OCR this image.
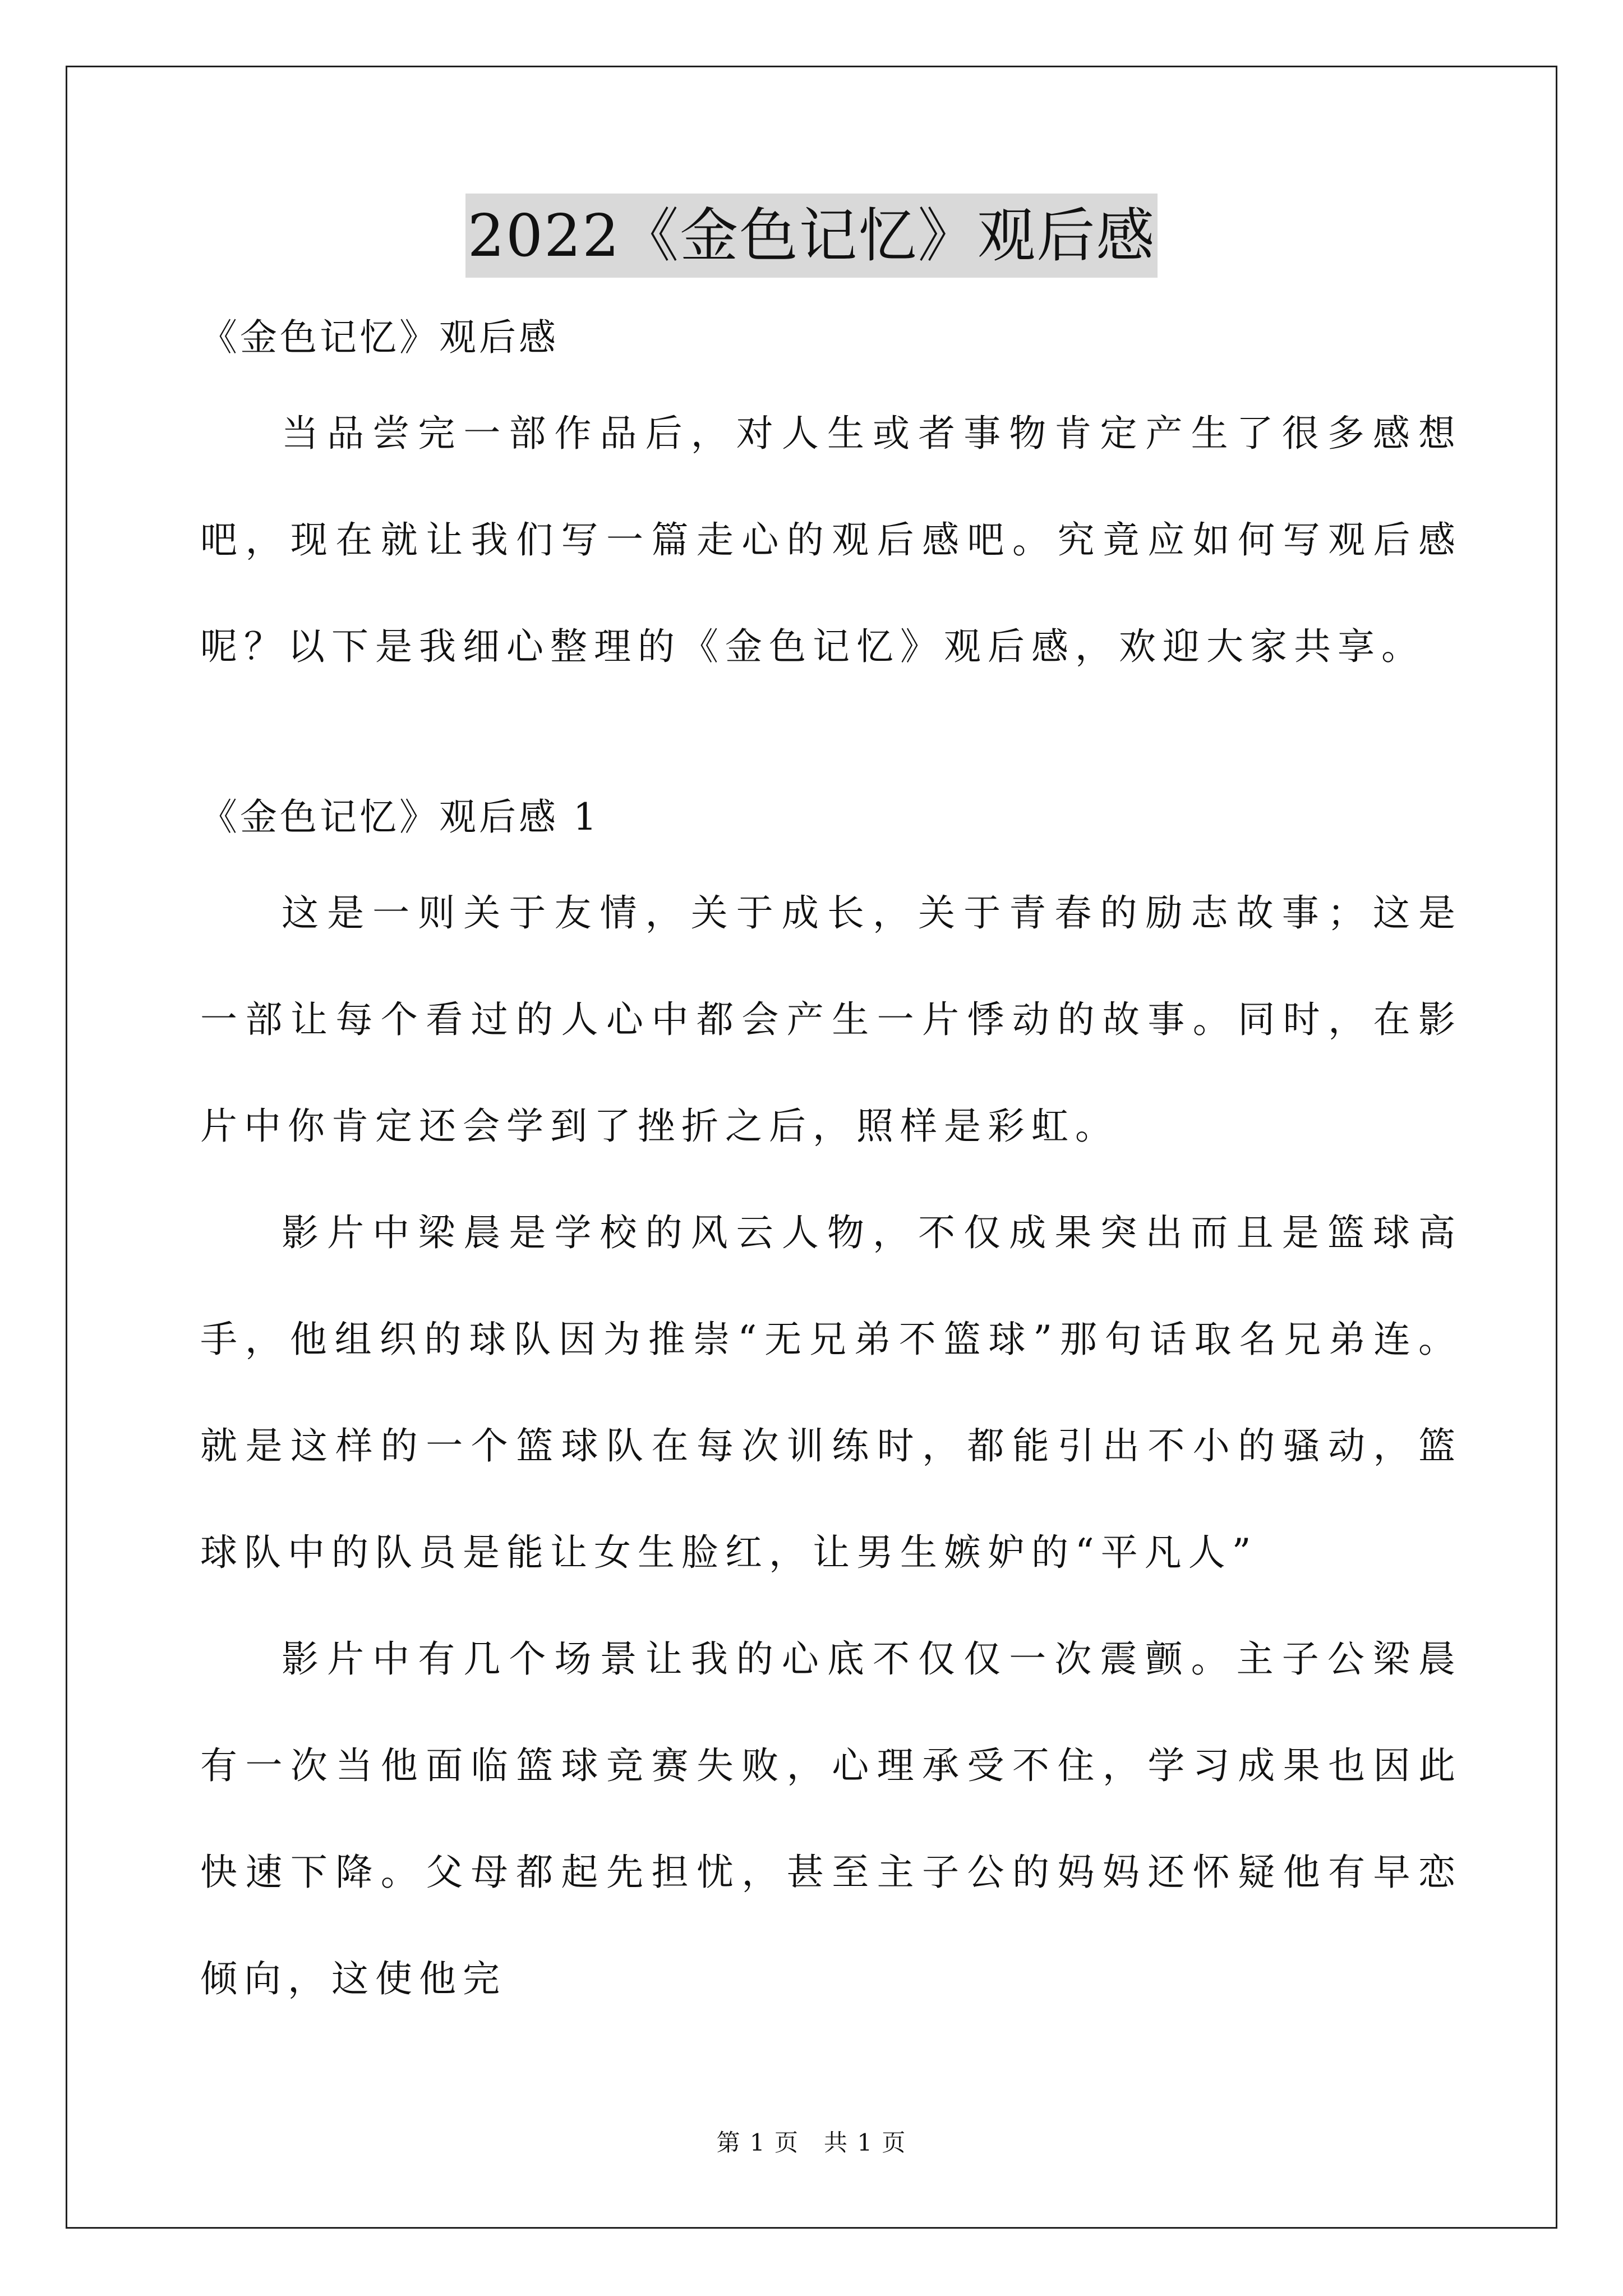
2022《金色记忆》观后感

《金色记忆》观后感

当品尝完一部作品后，对人生或者事物肯定产生了很多感想吧，现在就让我们写一篇走心的观后感吧。究竟应如何写观后感呢？以下是我细心整理的《金色记忆》观后感，欢迎大家共享。

《金色记忆》观后感 1

这是一则关于友情，关于成长，关于青春的励志故事；这是一部让每个看过的人心中都会产生一片悸动的故事。同时，在影片中你肯定还会学到了挫折之后，照样是彩虹。

影片中梁晨是学校的风云人物，不仅成果突出而且是篮球高手，他组织的球队因为推崇“无兄弟不篮球”那句话取名兄弟连。就是这样的一个篮球队在每次训练时，都能引出不小的骚动，篮球队中的队员是能让女生脸红，让男生嫉妒的“平凡人”

影片中有几个场景让我的心底不仅仅一次震颤。主子公梁晨有一次当他面临篮球竞赛失败，心理承受不住，学习成果也因此快速下降。父母都起先担忧，甚至主子公的妈妈还怀疑他有早恋倾向，这使他完

第 1 页　共 1 页
